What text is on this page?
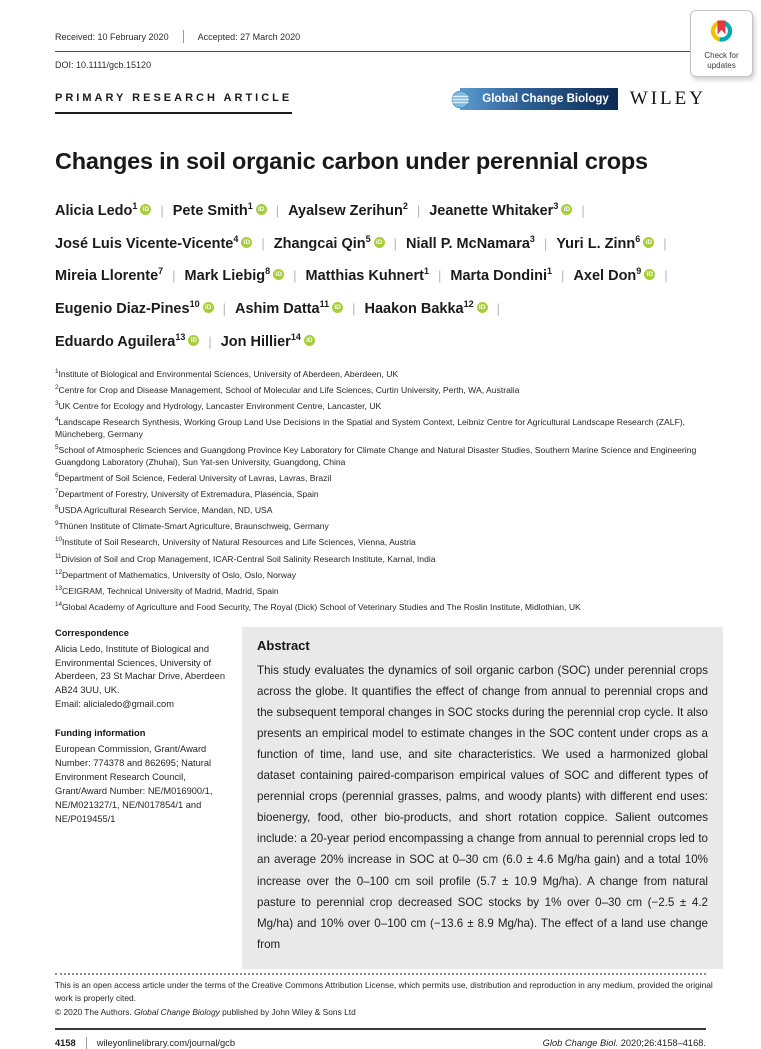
Received: 10 February 2020	Accepted: 27 March 2020
DOI: 10.1111/gcb.15120
Check for
updates
PRIMARY RESEARCH ARTICLE	Global Change Biology	WILEY
Changes in soil organic carbon under perennial crops
Alicia Ledo$^1$ iD | Pete Smith$^1$ iD | Ayalsew Zerihun$^2$ | Jeanette Whitaker$^3$ iD |
José Luis Vicente-Vicente$^4$ iD | Zhangcai Qin$^5$ iD | Niall P. McNamara$^3$ | Yuri L. Zinn$^6$ iD |
Mireia Llorente$^7$ | Mark Liebig$^8$ iD | Matthias Kuhnert$^1$ | Marta Dondini$^1$ | Axel Don$^9$ iD |
Eugenio Diaz-Pines$^{10}$ iD | Ashim Datta$^{11}$ iD | Haakon Bakka$^{12}$ iD |
Eduardo Aguilera$^{13}$ iD | Jon Hillier$^{14}$ iD
$^1$Institute of Biological and Environmental Sciences, University of Aberdeen, Aberdeen, UK
$^2$Centre for Crop and Disease Management, School of Molecular and Life Sciences, Curtin University, Perth, WA, Australia
$^3$UK Centre for Ecology and Hydrology, Lancaster Environment Centre, Lancaster, UK
$^4$Landscape Research Synthesis, Working Group Land Use Decisions in the Spatial and System Context, Leibniz Centre for Agricultural Landscape Research (ZALF), Müncheberg, Germany
$^5$School of Atmospheric Sciences and Guangdong Province Key Laboratory for Climate Change and Natural Disaster Studies, Southern Marine Science and Engineering Guangdong Laboratory (Zhuhai), Sun Yat-sen University, Guangdong, China
$^6$Department of Soil Science, Federal University of Lavras, Lavras, Brazil
$^7$Department of Forestry, University of Extremadura, Plasencia, Spain
$^8$USDA Agricultural Research Service, Mandan, ND, USA
$^9$Thünen Institute of Climate-Smart Agriculture, Braunschweig, Germany
$^{10}$Institute of Soil Research, University of Natural Resources and Life Sciences, Vienna, Austria
$^{11}$Division of Soil and Crop Management, ICAR-Central Soil Salinity Research Institute, Karnal, India
$^{12}$Department of Mathematics, University of Oslo, Oslo, Norway
$^{13}$CEIGRAM, Technical University of Madrid, Madrid, Spain
$^{14}$Global Academy of Agriculture and Food Security, The Royal (Dick) School of Veterinary Studies and The Roslin Institute, Midlothian, UK
Correspondence
Alicia Ledo, Institute of Biological and Environmental Sciences, University of Aberdeen, 23 St Machar Drive, Aberdeen AB24 3UU, UK.
Email: alicialedo@gmail.com
Funding information
European Commission, Grant/Award Number: 774378 and 862695; Natural Environment Research Council, Grant/Award Number: NE/M016900/1, NE/M021327/1, NE/N017854/1 and NE/P019455/1
Abstract

This study evaluates the dynamics of soil organic carbon (SOC) under perennial crops across the globe. It quantifies the effect of change from annual to perennial crops and the subsequent temporal changes in SOC stocks during the perennial crop cycle. It also presents an empirical model to estimate changes in the SOC content under crops as a function of time, land use, and site characteristics. We used a harmonized global dataset containing paired-comparison empirical values of SOC and different types of perennial crops (perennial grasses, palms, and woody plants) with different end uses: bioenergy, food, other bio-products, and short rotation coppice. Salient outcomes include: a 20-year period encompassing a change from annual to perennial crops led to an average 20% increase in SOC at 0–30 cm (6.0 ± 4.6 Mg/ha gain) and a total 10% increase over the 0–100 cm soil profile (5.7 ± 10.9 Mg/ha). A change from natural pasture to perennial crop decreased SOC stocks by 1% over 0–30 cm (−2.5 ± 4.2 Mg/ha) and 10% over 0–100 cm (−13.6 ± 8.9 Mg/ha). The effect of a land use change from

This is an open access article under the terms of the Creative Commons Attribution License, which permits use, distribution and reproduction in any medium, provided the original work is properly cited.
© 2020 The Authors. Global Change Biology published by John Wiley & Sons Ltd
4158 wileyonlinelibrary.com/journal/gcb	Glob Change Biol. 2020;26:4158–4168.
